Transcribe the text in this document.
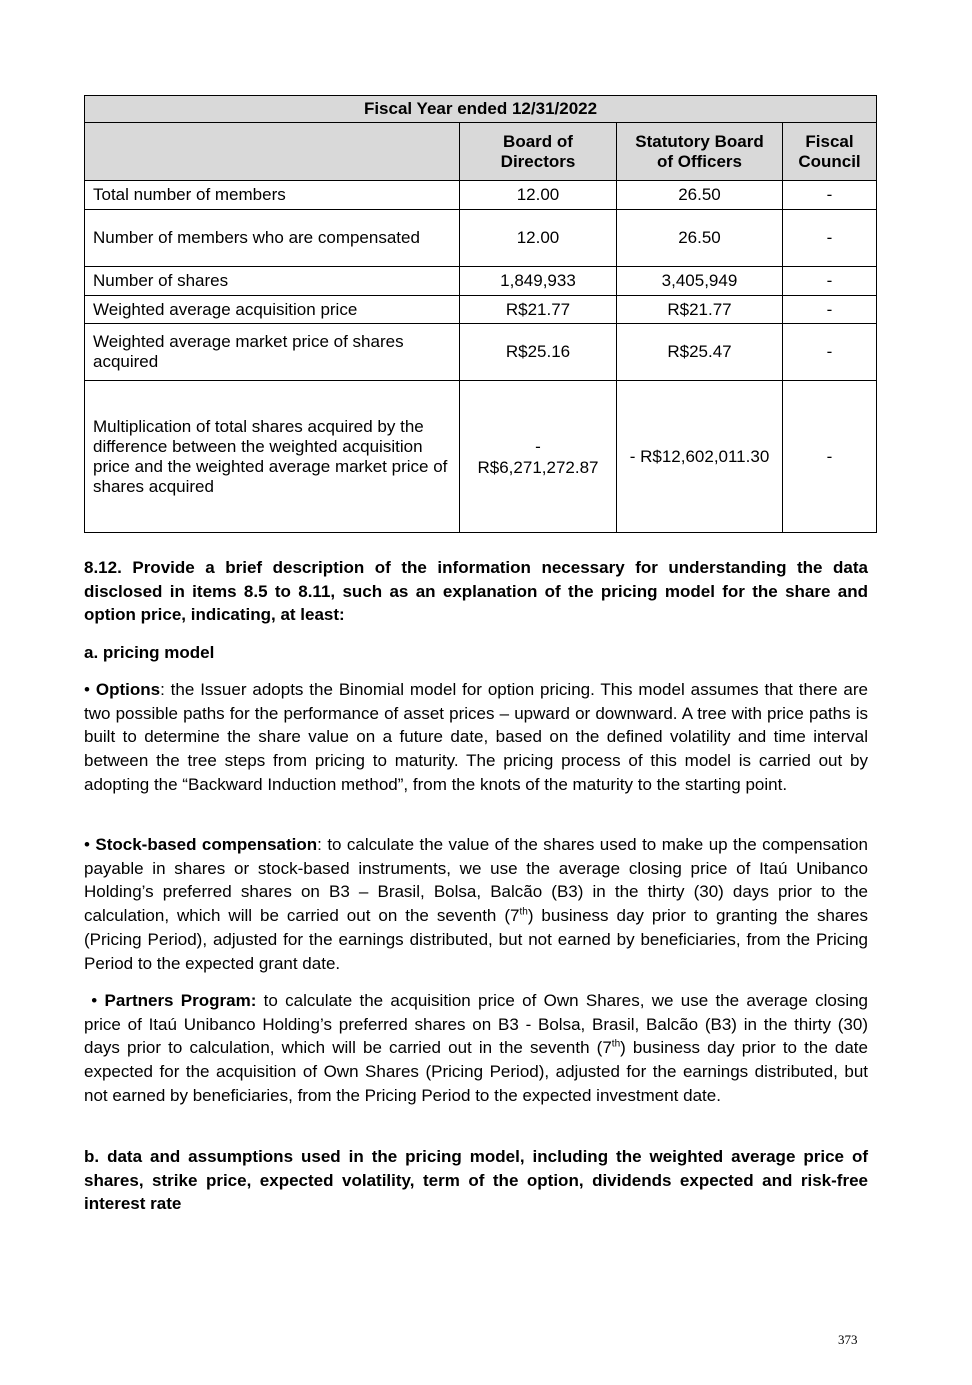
Fiscal Year ended 12/31/2022			
	Board of Directors	Statutory Board of Officers	Fiscal Council
Total number of members	12.00	26.50	-
Number of members who are compensated	12.00	26.50	-
Number of shares	1,849,933	3,405,949	-
Weighted average acquisition price	R$21.77	R$21.77	-
Weighted average market price of shares acquired	R$25.16	R$25.47	-
Multiplication of total shares acquired by the difference between the weighted acquisition price and the weighted average market price of shares acquired	- R$6,271,272.87	- R$12,602,011.30	-
8.12. Provide a brief description of the information necessary for understanding the data disclosed in items 8.5 to 8.11, such as an explanation of the pricing model for the share and option price, indicating, at least:
a. pricing model
• Options: the Issuer adopts the Binomial model for option pricing. This model assumes that there are two possible paths for the performance of asset prices – upward or downward. A tree with price paths is built to determine the share value on a future date, based on the defined volatility and time interval between the tree steps from pricing to maturity. The pricing process of this model is carried out by adopting the “Backward Induction method”, from the knots of the maturity to the starting point.
• Stock-based compensation: to calculate the value of the shares used to make up the compensation payable in shares or stock-based instruments, we use the average closing price of Itaú Unibanco Holding’s preferred shares on B3 – Brasil, Bolsa, Balcão (B3) in the thirty (30) days prior to the calculation, which will be carried out on the seventh (7th) business day prior to granting the shares (Pricing Period), adjusted for the earnings distributed, but not earned by beneficiaries, from the Pricing Period to the expected grant date.
• Partners Program: to calculate the acquisition price of Own Shares, we use the average closing price of Itaú Unibanco Holding’s preferred shares on B3 - Bolsa, Brasil, Balcão (B3) in the thirty (30) days prior to calculation, which will be carried out in the seventh (7th) business day prior to the date expected for the acquisition of Own Shares (Pricing Period), adjusted for the earnings distributed, but not earned by beneficiaries, from the Pricing Period to the expected investment date.
b. data and assumptions used in the pricing model, including the weighted average price of shares, strike price, expected volatility, term of the option, dividends expected and risk-free interest rate
373
